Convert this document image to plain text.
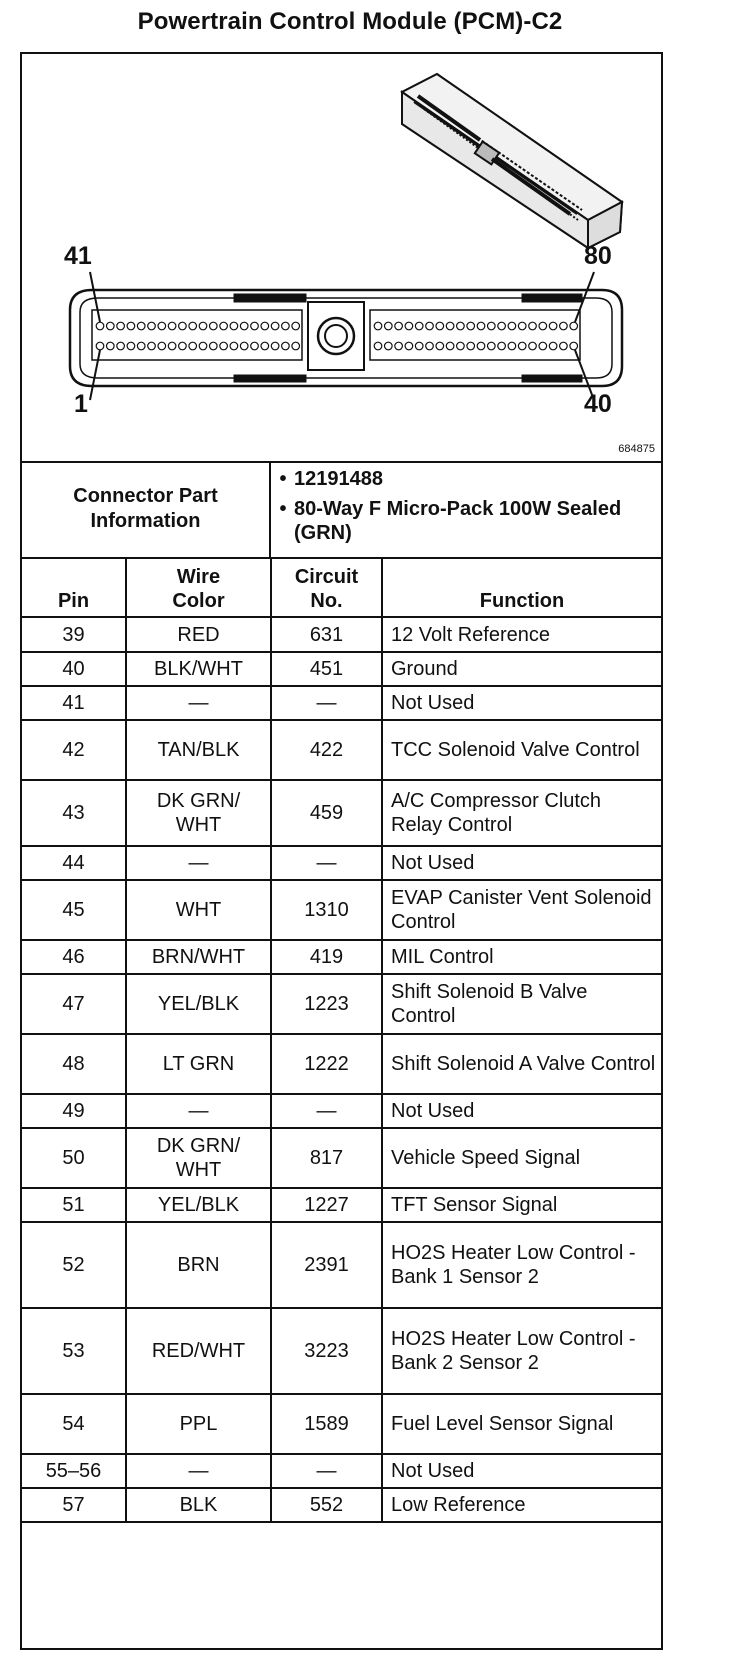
Powertrain Control Module (PCM)-C2
41	80
1	40
684875
Connector Part Information
• 12191488
• 80-Way F Micro-Pack 100W Sealed (GRN)
Pin	Wire Color	Circuit No.	Function
39	RED	631	12 Volt Reference
40	BLK/WHT	451	Ground
41	—	—	Not Used
42	TAN/BLK	422	TCC Solenoid Valve Control
43	DK GRN/ WHT	459	A/C Compressor Clutch Relay Control
44	—	—	Not Used
45	WHT	1310	EVAP Canister Vent Solenoid Control
46	BRN/WHT	419	MIL Control
47	YEL/BLK	1223	Shift Solenoid B Valve Control
48	LT GRN	1222	Shift Solenoid A Valve Control
49	—	—	Not Used
50	DK GRN/ WHT	817	Vehicle Speed Signal
51	YEL/BLK	1227	TFT Sensor Signal
52	BRN	2391	HO2S Heater Low Control - Bank 1 Sensor 2
53	RED/WHT	3223	HO2S Heater Low Control - Bank 2 Sensor 2
54	PPL	1589	Fuel Level Sensor Signal
55–56	—	—	Not Used
57	BLK	552	Low Reference
